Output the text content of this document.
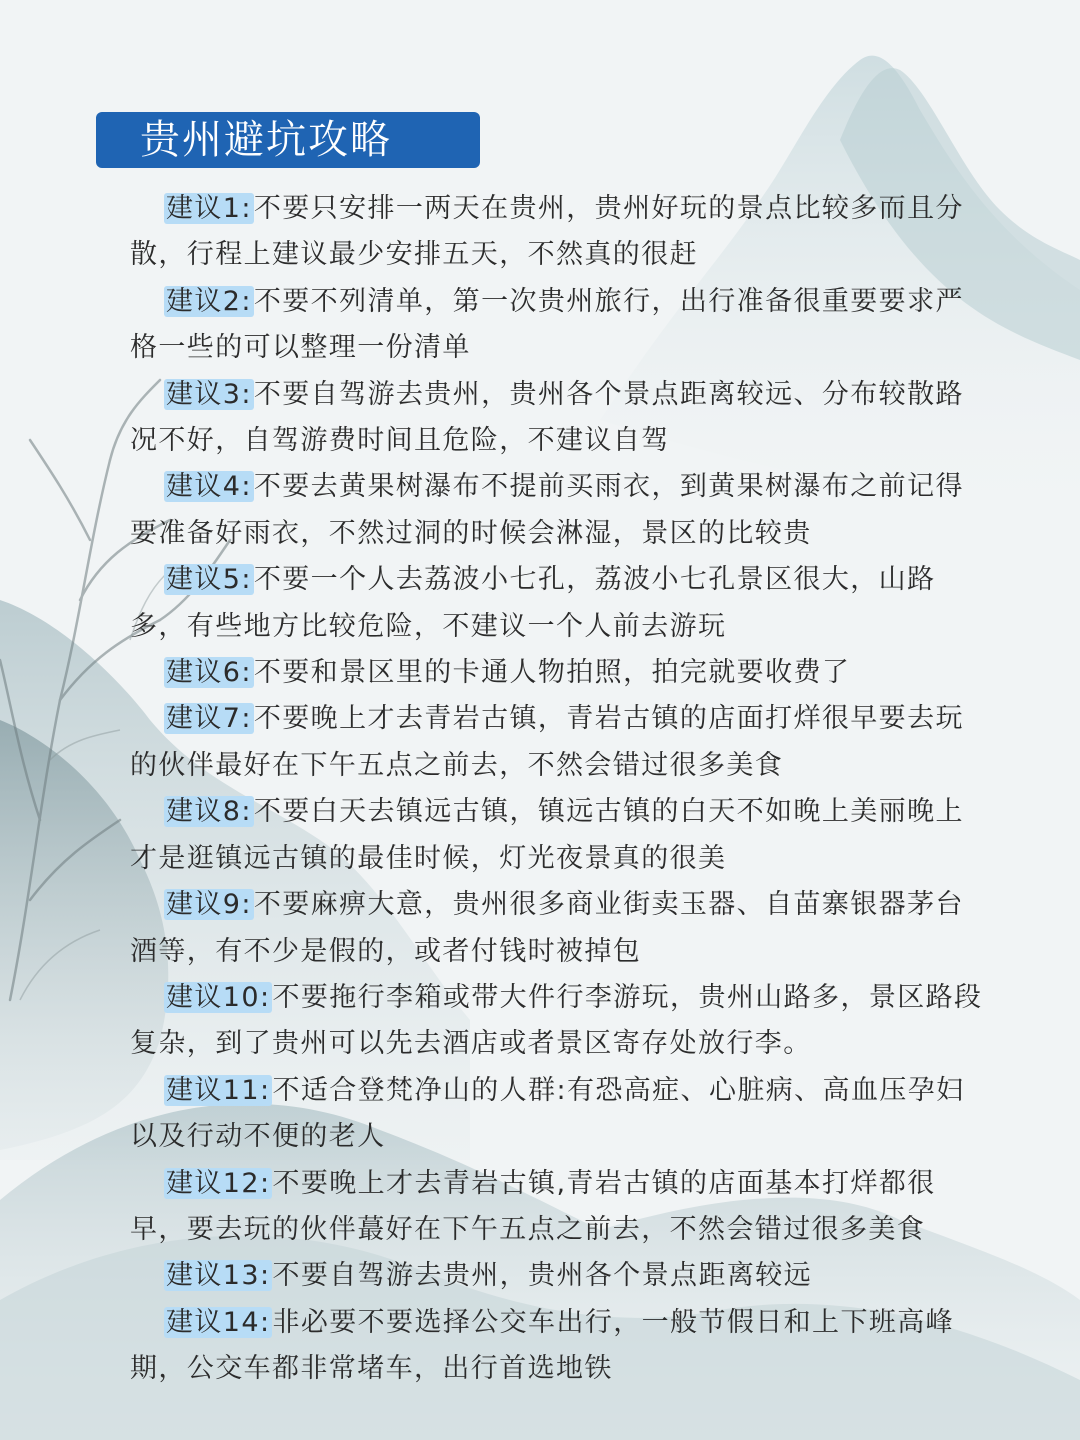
贵州避坑攻略

建议1:不要只安排一两天在贵州，贵州好玩的景点比较多而且分散，行程上建议最少安排五天，不然真的很赶

建议2:不要不列清单，第一次贵州旅行，出行准备很重要要求严格一些的可以整理一份清单

建议3:不要自驾游去贵州，贵州各个景点距离较远、分布较散路况不好，自驾游费时间且危险，不建议自驾

建议4:不要去黄果树瀑布不提前买雨衣，到黄果树瀑布之前记得要准备好雨衣，不然过洞的时候会淋湿，景区的比较贵

建议5:不要一个人去荔波小七孔，荔波小七孔景区很大，山路多，有些地方比较危险，不建议一个人前去游玩

建议6:不要和景区里的卡通人物拍照，拍完就要收费了

建议7:不要晚上才去青岩古镇，青岩古镇的店面打烊很早要去玩的伙伴最好在下午五点之前去，不然会错过很多美食

建议8:不要白天去镇远古镇，镇远古镇的白天不如晚上美丽晚上才是逛镇远古镇的最佳时候，灯光夜景真的很美

建议9:不要麻痹大意，贵州很多商业街卖玉器、自苗寨银器茅台酒等，有不少是假的，或者付钱时被掉包

建议10:不要拖行李箱或带大件行李游玩，贵州山路多，景区路段复杂，到了贵州可以先去酒店或者景区寄存处放行李。

建议11:不适合登梵净山的人群:有恐高症、心脏病、高血压孕妇以及行动不便的老人

建议12:不要晚上才去青岩古镇,青岩古镇的店面基本打烊都很早，要去玩的伙伴蕞好在下午五点之前去，不然会错过很多美食

建议13:不要自驾游去贵州，贵州各个景点距离较远

建议14:非必要不要选择公交车出行，一般节假日和上下班高峰期，公交车都非常堵车，出行首选地铁
